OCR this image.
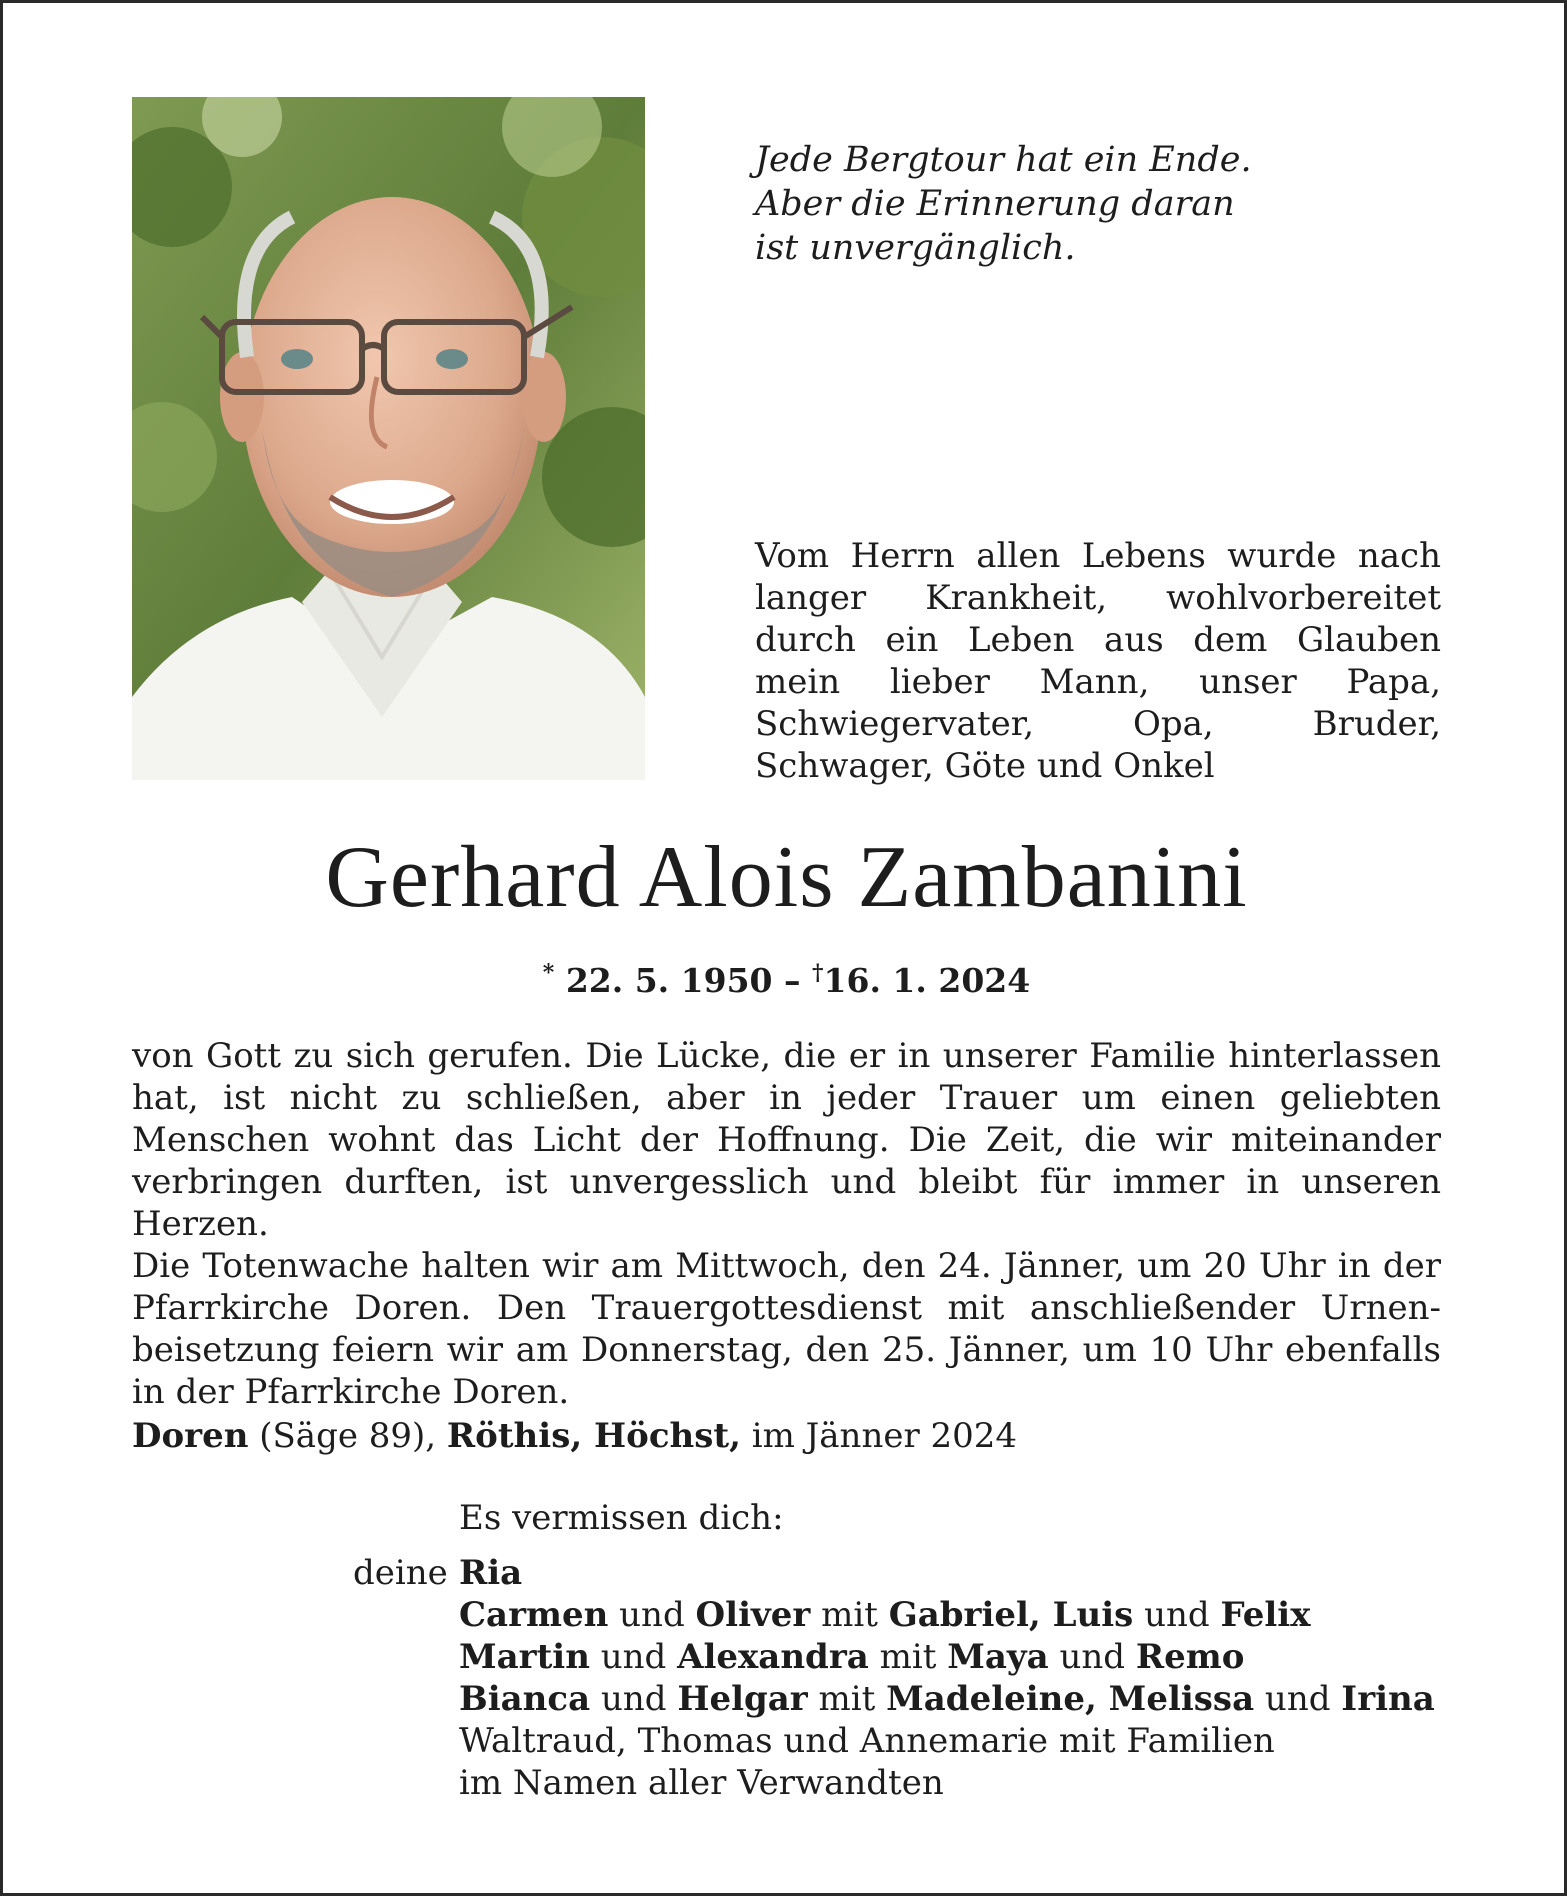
Jede Bergtour hat ein Ende.
Aber die Erinnerung daran
ist unvergänglich.
Vom Herrn allen Lebens wurde nach langer Krankheit, wohlvorbereitet durch ein Leben aus dem Glauben mein lieber Mann, unser Papa, Schwiegervater, Opa, Bruder, Schwager, Göte und Onkel
Gerhard Alois Zambanini
* 22. 5. 1950 – †16. 1. 2024

von Gott zu sich gerufen. Die Lücke, die er in unserer Familie hinterlassen hat, ist nicht zu schließen, aber in jeder Trauer um einen geliebten Menschen wohnt das Licht der Hoffnung. Die Zeit, die wir miteinander verbringen durften, ist unvergesslich und bleibt für immer in unseren Herzen.

Die Totenwache halten wir am Mittwoch, den 24. Jänner, um 20 Uhr in der Pfarrkirche Doren. Den Trauergottesdienst mit anschließender Urnenbeisetzung feiern wir am Donnerstag, den 25. Jänner, um 10 Uhr ebenfalls in der Pfarrkirche Doren.

Doren (Säge 89), Röthis, Höchst, im Jänner 2024
Es vermissen dich:
deine Ria
Carmen und Oliver mit Gabriel, Luis und Felix
Martin und Alexandra mit Maya und Remo
Bianca und Helgar mit Madeleine, Melissa und Irina
Waltraud, Thomas und Annemarie mit Familien
im Namen aller Verwandten
